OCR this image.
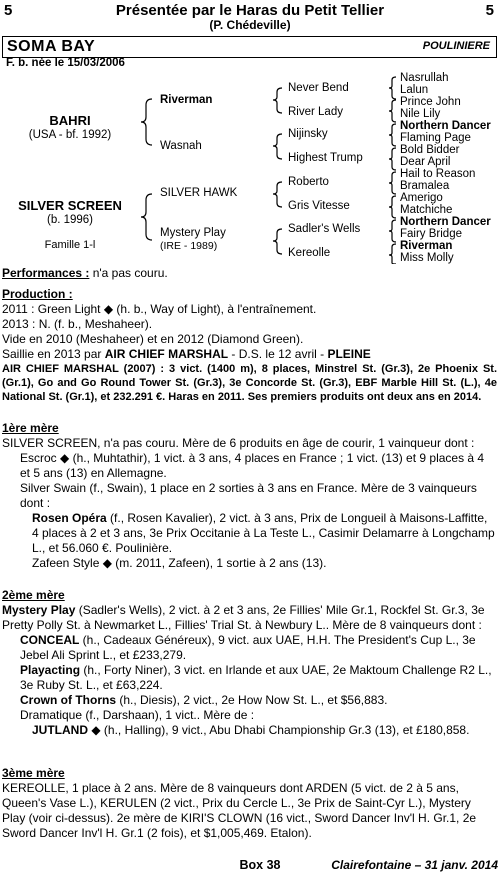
5	Présentée par le Haras du Petit Tellier	5
(P. Chédeville)
SOMA BAY	POULINIERE
F. b. née le 15/03/2006
BAHRI
(USA - bf. 1992)
SILVER SCREEN
(b. 1996)
Famille 1-l
Riverman
Wasnah
SILVER HAWK
Mystery Play
(IRE - 1989)
Never Bend
River Lady
Nijinsky
Highest Trump
Roberto
Gris Vitesse
Sadler's Wells
Kereolle
Nasrullah
Lalun
Prince John
Nile Lily
Northern Dancer
Flaming Page
Bold Bidder
Dear April
Hail to Reason
Bramalea
Amerigo
Matchiche
Northern Dancer
Fairy Bridge
Riverman
Miss Molly
Performances : n'a pas couru.
Production :
2011 : Green Light ◆ (h. b., Way of Light), à l'entraînement.
2013 : N. (f. b., Meshaheer).
Vide en 2010 (Meshaheer) et en 2012 (Diamond Green).
Saillie en 2013 par AIR CHIEF MARSHAL - D.S. le 12 avril - PLEINE
AIR CHIEF MARSHAL (2007) : 3 vict. (1400 m), 8 places, Minstrel St. (Gr.3), 2e Phoenix St. (Gr.1), Go and Go Round Tower St. (Gr.3), 3e Concorde St. (Gr.3), EBF Marble Hill St. (L.), 4e National St. (Gr.1), et 232.291 €. Haras en 2011. Ses premiers produits ont deux ans en 2014.
1ère mère
SILVER SCREEN, n'a pas couru. Mère de 6 produits en âge de courir, 1 vainqueur dont :
Escroc ◆ (h., Muhtathir), 1 vict. à 3 ans, 4 places en France ; 1 vict. (13) et 9 places à 4 et 5 ans (13) en Allemagne.
Silver Swain (f., Swain), 1 place en 2 sorties à 3 ans en France. Mère de 3 vainqueurs dont :
Rosen Opéra (f., Rosen Kavalier), 2 vict. à 3 ans, Prix de Longueil à Maisons-Laffitte, 4 places à 2 et 3 ans, 3e Prix Occitanie à La Teste L., Casimir Delamarre à Longchamp L., et 56.060 €. Poulinière.
Zafeen Style ◆ (m. 2011, Zafeen), 1 sortie à 2 ans (13).
2ème mère
Mystery Play (Sadler's Wells), 2 vict. à 2 et 3 ans, 2e Fillies' Mile Gr.1, Rockfel St. Gr.3, 3e Pretty Polly St. à Newmarket L., Fillies' Trial St. à Newbury L.. Mère de 8 vainqueurs dont :
CONCEAL (h., Cadeaux Généreux), 9 vict. aux UAE, H.H. The President's Cup L., 3e Jebel Ali Sprint L., et £233,279.
Playacting (h., Forty Niner), 3 vict. en Irlande et aux UAE, 2e Maktoum Challenge R2 L., 3e Ruby St. L., et £63,224.
Crown of Thorns (h., Diesis), 2 vict., 2e How Now St. L., et $56,883.
Dramatique (f., Darshaan), 1 vict.. Mère de :
JUTLAND ◆ (h., Halling), 9 vict., Abu Dhabi Championship Gr.3 (13), et £180,858.
3ème mère
KEREOLLE, 1 place à 2 ans. Mère de 8 vainqueurs dont ARDEN (5 vict. de 2 à 5 ans, Queen's Vase L.), KERULEN (2 vict., Prix du Cercle L., 3e Prix de Saint-Cyr L.), Mystery Play (voir ci-dessus). 2e mère de KIRI'S CLOWN (16 vict., Sword Dancer Inv'l H. Gr.1, 2e Sword Dancer Inv'l H. Gr.1 (2 fois), et $1,005,469. Etalon).
Box 38	Clairefontaine – 31 janv. 2014
